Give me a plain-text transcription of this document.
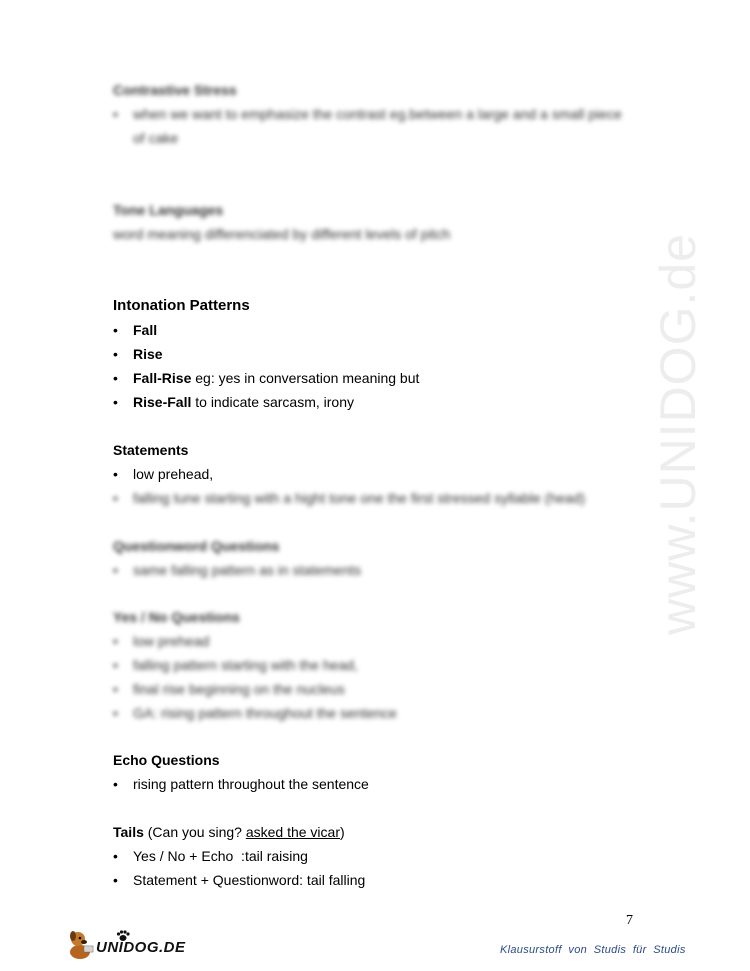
www.UNIDOG.de
Contrastive Stress
•	when we want to emphasize the contrast eg.between a large and a small piece of cake
Tone Languages
word meaning differenciated by different levels of pitch
Intonation Patterns
•	Fall
•	Rise
•	Fall-Rise eg: yes in conversation meaning but
•	Rise-Fall to indicate sarcasm, irony
Statements
•	low prehead,
•	falling tune starting with a hight tone one the first stressed syllable (head)
Questionword Questions
•	same falling pattern as in statements
Yes / No Questions
•	low prehead
•	falling pattern starting with the head,
•	final rise beginning on the nucleus
•	GA: rising pattern throughout the sentence
Echo Questions
•	rising pattern throughout the sentence
Tails (Can you sing? asked the vicar)
•	Yes / No + Echo  :tail raising
•	Statement + Questionword: tail falling
7
UNIDOG.DE	Klausurstoff  von  Studis  für  Studis
